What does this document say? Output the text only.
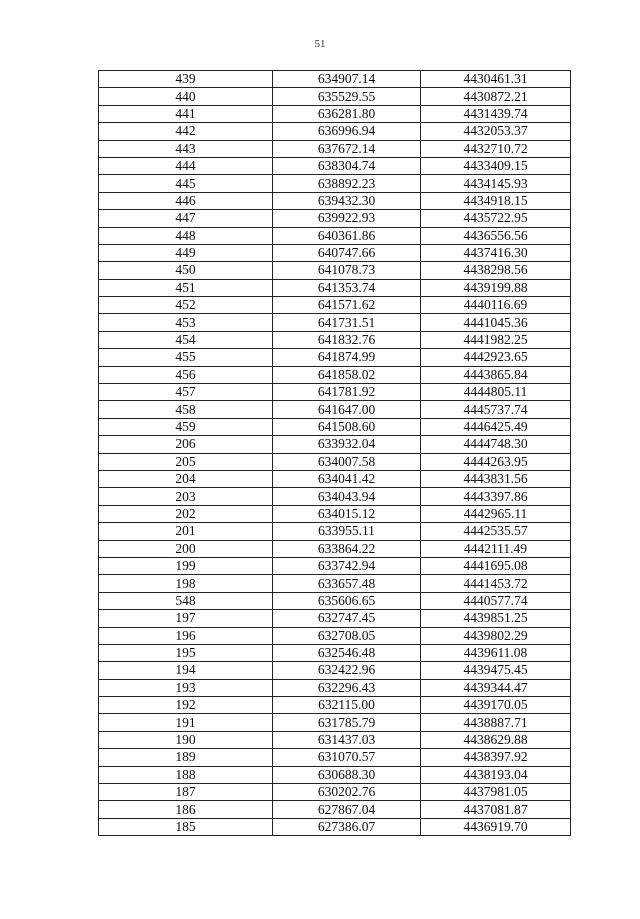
51
439	634907.14	4430461.31
440	635529.55	4430872.21
441	636281.80	4431439.74
442	636996.94	4432053.37
443	637672.14	4432710.72
444	638304.74	4433409.15
445	638892.23	4434145.93
446	639432.30	4434918.15
447	639922.93	4435722.95
448	640361.86	4436556.56
449	640747.66	4437416.30
450	641078.73	4438298.56
451	641353.74	4439199.88
452	641571.62	4440116.69
453	641731.51	4441045.36
454	641832.76	4441982.25
455	641874.99	4442923.65
456	641858.02	4443865.84
457	641781.92	4444805.11
458	641647.00	4445737.74
459	641508.60	4446425.49
206	633932.04	4444748.30
205	634007.58	4444263.95
204	634041.42	4443831.56
203	634043.94	4443397.86
202	634015.12	4442965.11
201	633955.11	4442535.57
200	633864.22	4442111.49
199	633742.94	4441695.08
198	633657.48	4441453.72
548	635606.65	4440577.74
197	632747.45	4439851.25
196	632708.05	4439802.29
195	632546.48	4439611.08
194	632422.96	4439475.45
193	632296.43	4439344.47
192	632115.00	4439170.05
191	631785.79	4438887.71
190	631437.03	4438629.88
189	631070.57	4438397.92
188	630688.30	4438193.04
187	630202.76	4437981.05
186	627867.04	4437081.87
185	627386.07	4436919.70
